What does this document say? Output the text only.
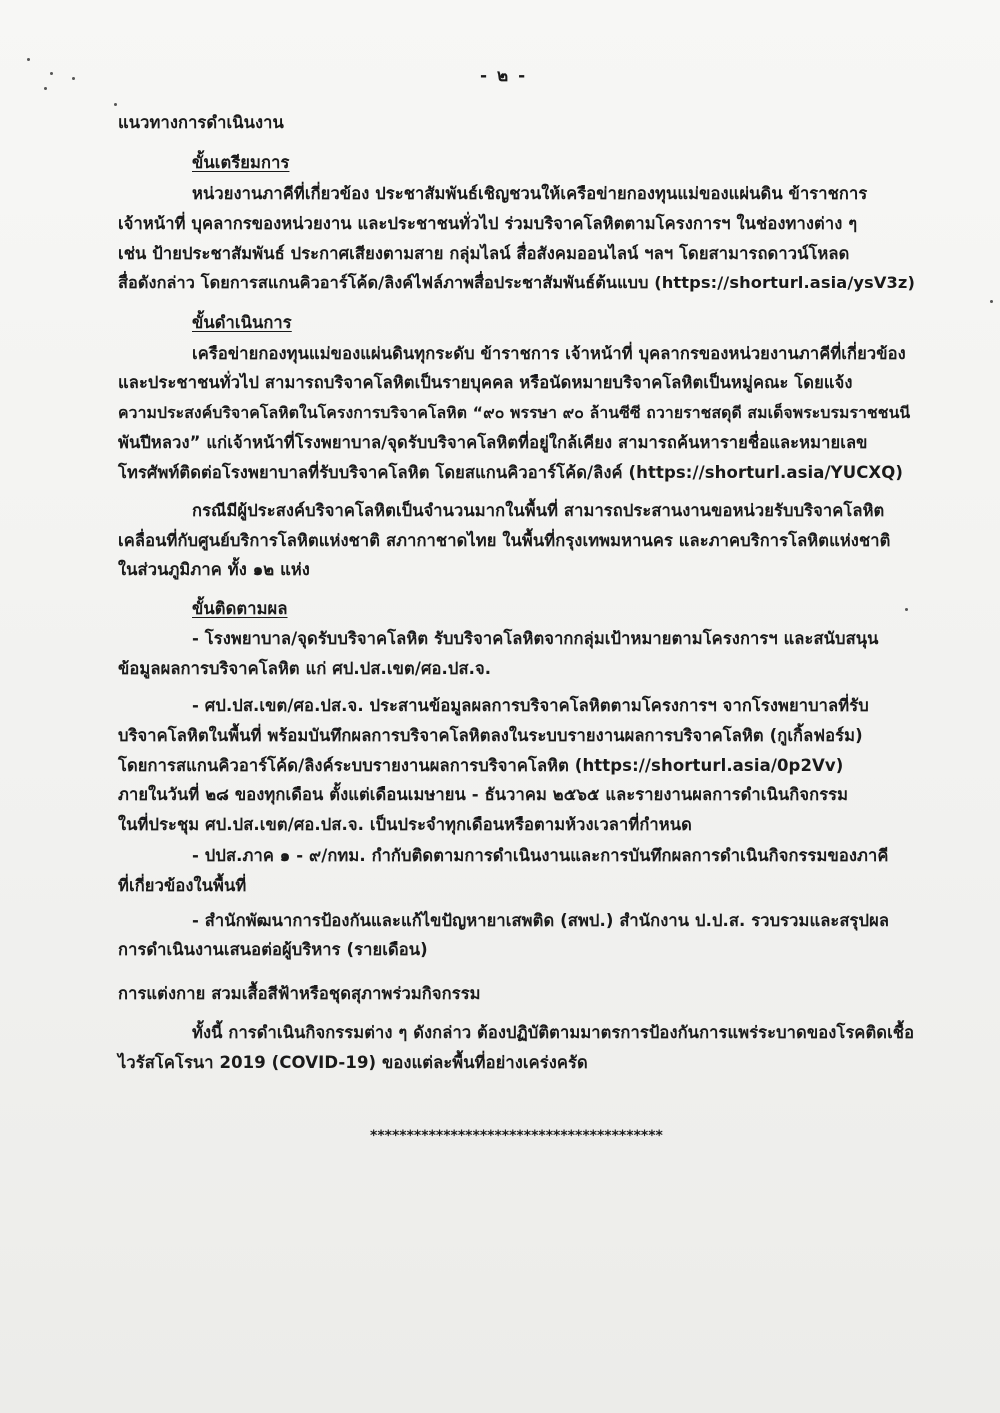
- ๒ -
แนวทางการดำเนินงาน
ขั้นเตรียมการ
หน่วยงานภาคีที่เกี่ยวข้อง ประชาสัมพันธ์เชิญชวนให้เครือข่ายกองทุนแม่ของแผ่นดิน ข้าราชการ
เจ้าหน้าที่ บุคลากรของหน่วยงาน และประชาชนทั่วไป ร่วมบริจาคโลหิตตามโครงการฯ ในช่องทางต่าง ๆ
เช่น ป้ายประชาสัมพันธ์ ประกาศเสียงตามสาย กลุ่มไลน์ สื่อสังคมออนไลน์ ฯลฯ โดยสามารถดาวน์โหลด
สื่อดังกล่าว โดยการสแกนคิวอาร์โค้ด/ลิงค์ไฟล์ภาพสื่อประชาสัมพันธ์ต้นแบบ (https://shorturl.asia/ysV3z)
ขั้นดำเนินการ
เครือข่ายกองทุนแม่ของแผ่นดินทุกระดับ ข้าราชการ เจ้าหน้าที่ บุคลากรของหน่วยงานภาคีที่เกี่ยวข้อง
และประชาชนทั่วไป สามารถบริจาคโลหิตเป็นรายบุคคล หรือนัดหมายบริจาคโลหิตเป็นหมู่คณะ โดยแจ้ง
ความประสงค์บริจาคโลหิตในโครงการบริจาคโลหิต “๙๐ พรรษา ๙๐ ล้านซีซี ถวายราชสดุดี สมเด็จพระบรมราชชนนี
พันปีหลวง” แก่เจ้าหน้าที่โรงพยาบาล/จุดรับบริจาคโลหิตที่อยู่ใกล้เคียง สามารถค้นหารายชื่อและหมายเลข
โทรศัพท์ติดต่อโรงพยาบาลที่รับบริจาคโลหิต โดยสแกนคิวอาร์โค้ด/ลิงค์ (https://shorturl.asia/YUCXQ)
กรณีมีผู้ประสงค์บริจาคโลหิตเป็นจำนวนมากในพื้นที่ สามารถประสานงานขอหน่วยรับบริจาคโลหิต
เคลื่อนที่กับศูนย์บริการโลหิตแห่งชาติ สภากาชาดไทย ในพื้นที่กรุงเทพมหานคร และภาคบริการโลหิตแห่งชาติ
ในส่วนภูมิภาค ทั้ง ๑๒ แห่ง
ขั้นติดตามผล
- โรงพยาบาล/จุดรับบริจาคโลหิต รับบริจาคโลหิตจากกลุ่มเป้าหมายตามโครงการฯ และสนับสนุน
ข้อมูลผลการบริจาคโลหิต แก่ ศป.ปส.เขต/ศอ.ปส.จ.
- ศป.ปส.เขต/ศอ.ปส.จ. ประสานข้อมูลผลการบริจาคโลหิตตามโครงการฯ จากโรงพยาบาลที่รับ
บริจาคโลหิตในพื้นที่ พร้อมบันทึกผลการบริจาคโลหิตลงในระบบรายงานผลการบริจาคโลหิต (กูเกิ้ลฟอร์ม)
โดยการสแกนคิวอาร์โค้ด/ลิงค์ระบบรายงานผลการบริจาคโลหิต (https://shorturl.asia/0p2Vv)
ภายในวันที่ ๒๘ ของทุกเดือน ตั้งแต่เดือนเมษายน - ธันวาคม ๒๕๖๕ และรายงานผลการดำเนินกิจกรรม
ในที่ประชุม ศป.ปส.เขต/ศอ.ปส.จ. เป็นประจำทุกเดือนหรือตามห้วงเวลาที่กำหนด
- ปปส.ภาค ๑ - ๙/กทม. กำกับติดตามการดำเนินงานและการบันทึกผลการดำเนินกิจกรรมของภาคี
ที่เกี่ยวข้องในพื้นที่
- สำนักพัฒนาการป้องกันและแก้ไขปัญหายาเสพติด (สพป.) สำนักงาน ป.ป.ส. รวบรวมและสรุปผล
การดำเนินงานเสนอต่อผู้บริหาร (รายเดือน)
การแต่งกาย สวมเสื้อสีฟ้าหรือชุดสุภาพร่วมกิจกรรม
ทั้งนี้ การดำเนินกิจกรรมต่าง ๆ ดังกล่าว ต้องปฏิบัติตามมาตรการป้องกันการแพร่ระบาดของโรคติดเชื้อ
ไวรัสโคโรนา 2019 (COVID-19) ของแต่ละพื้นที่อย่างเคร่งครัด
****************************************
